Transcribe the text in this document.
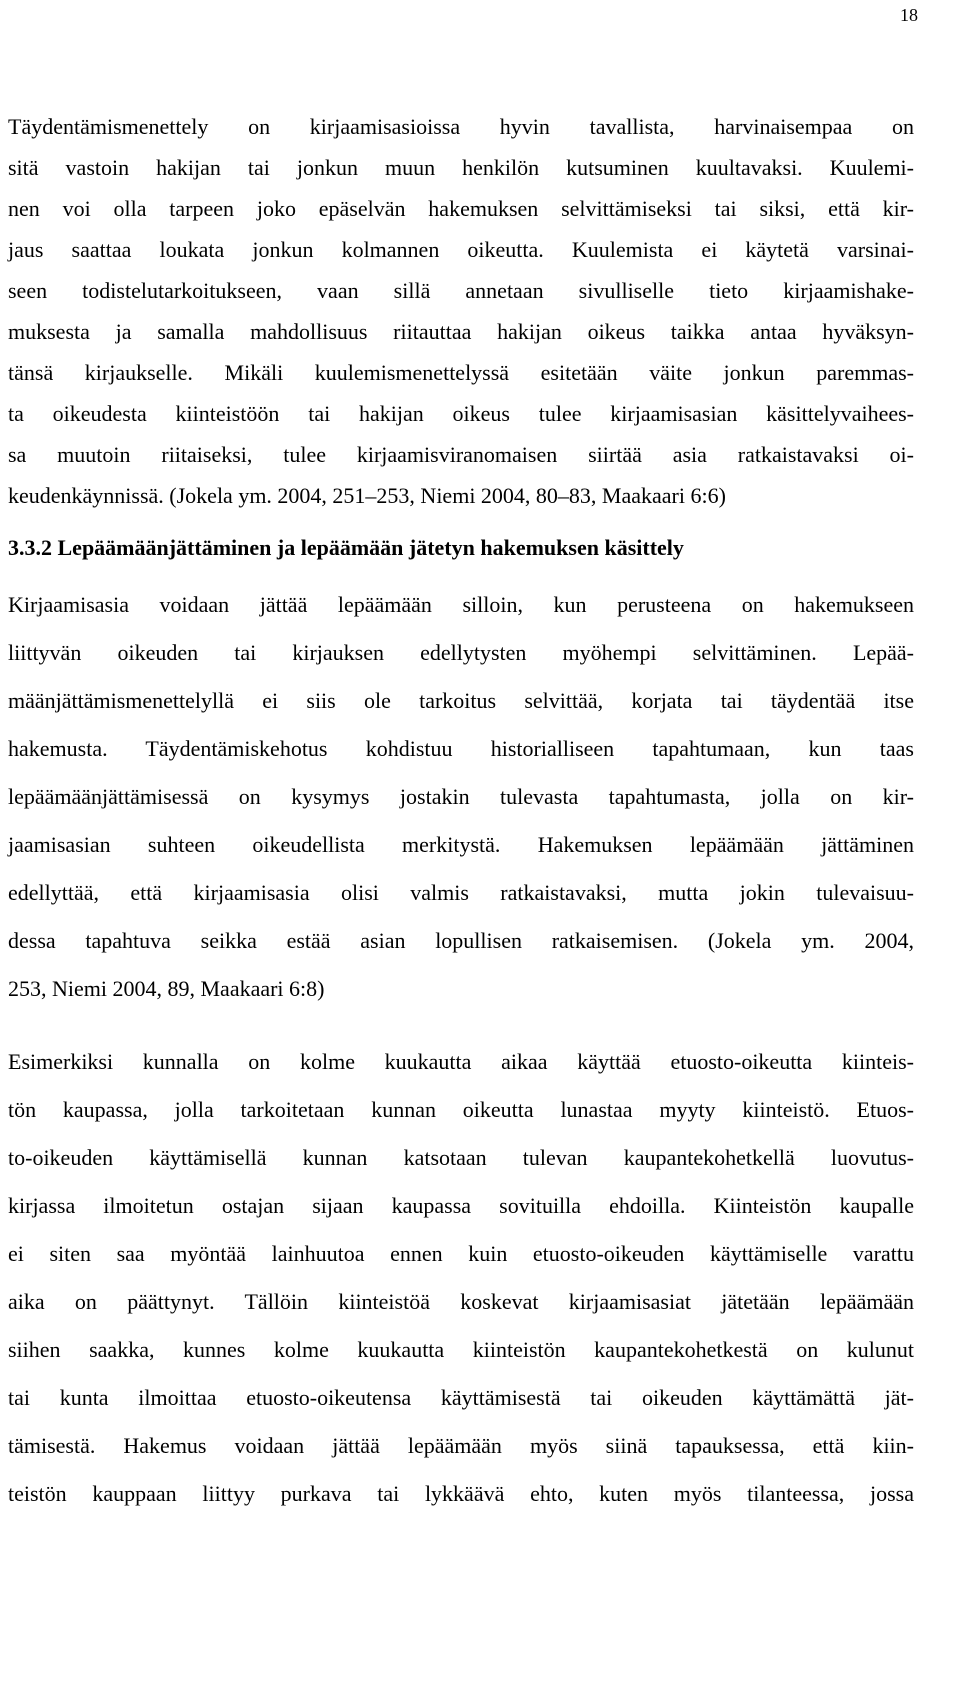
18
Täydentämismenettely on kirjaamisasioissa hyvin tavallista, harvinaisempaa on
sitä vastoin hakijan tai jonkun muun henkilön kutsuminen kuultavaksi. Kuulemi-
nen voi olla tarpeen joko epäselvän hakemuksen selvittämiseksi tai siksi, että kir-
jaus saattaa loukata jonkun kolmannen oikeutta. Kuulemista ei käytetä varsinai-
seen todistelutarkoitukseen, vaan sillä annetaan sivulliselle tieto kirjaamishake-
muksesta ja samalla mahdollisuus riitauttaa hakijan oikeus taikka antaa hyväksyn-
tänsä kirjaukselle. Mikäli kuulemismenettelyssä esitetään väite jonkun paremmas-
ta oikeudesta kiinteistöön tai hakijan oikeus tulee kirjaamisasian käsittelyvaihees-
sa muutoin riitaiseksi, tulee kirjaamisviranomaisen siirtää asia ratkaistavaksi oi-
keudenkäynnissä. (Jokela ym. 2004, 251–253, Niemi 2004, 80–83, Maakaari 6:6)
3.3.2 Lepäämäänjättäminen ja lepäämään jätetyn hakemuksen käsittely
Kirjaamisasia voidaan jättää lepäämään silloin, kun perusteena on hakemukseen
liittyvän oikeuden tai kirjauksen edellytysten myöhempi selvittäminen. Lepää-
määnjättämismenettelyllä ei siis ole tarkoitus selvittää, korjata tai täydentää itse
hakemusta. Täydentämiskehotus kohdistuu historialliseen tapahtumaan, kun taas
lepäämäänjättämisessä on kysymys jostakin tulevasta tapahtumasta, jolla on kir-
jaamisasian suhteen oikeudellista merkitystä. Hakemuksen lepäämään jättäminen
edellyttää, että kirjaamisasia olisi valmis ratkaistavaksi, mutta jokin tulevaisuu-
dessa tapahtuva seikka estää asian lopullisen ratkaisemisen. (Jokela ym. 2004,
253, Niemi 2004, 89, Maakaari 6:8)
Esimerkiksi kunnalla on kolme kuukautta aikaa käyttää etuosto-oikeutta kiinteis-
tön kaupassa, jolla tarkoitetaan kunnan oikeutta lunastaa myyty kiinteistö. Etuos-
to-oikeuden käyttämisellä kunnan katsotaan tulevan kaupantekohetkellä luovutus-
kirjassa ilmoitetun ostajan sijaan kaupassa sovituilla ehdoilla. Kiinteistön kaupalle
ei siten saa myöntää lainhuutoa ennen kuin etuosto-oikeuden käyttämiselle varattu
aika on päättynyt. Tällöin kiinteistöä koskevat kirjaamisasiat jätetään lepäämään
siihen saakka, kunnes kolme kuukautta kiinteistön kaupantekohetkestä on kulunut
tai kunta ilmoittaa etuosto-oikeutensa käyttämisestä tai oikeuden käyttämättä jät-
tämisestä. Hakemus voidaan jättää lepäämään myös siinä tapauksessa, että kiin-
teistön kauppaan liittyy purkava tai lykkäävä ehto, kuten myös tilanteessa, jossa
